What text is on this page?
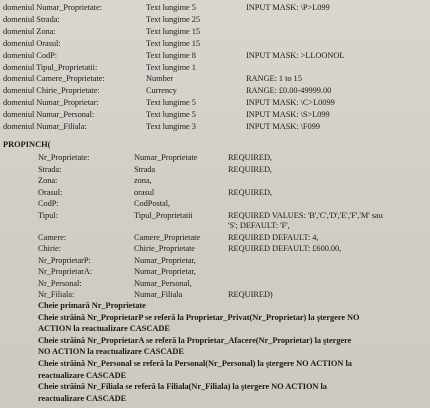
domeniul Numar_Proprietate:	Text lungime 5	INPUT MASK: \P>L099
domeniul Strada:	Text lungime 25
domeniul Zona:	Text lungime 15
domeniul Orasul:	Text lungime 15
domeniul CodP:	Text lungime 8	INPUT MASK: >LLOONOL
domeniul Tipul_Proprietatii:	Text lungime 1
domeniul Camere_Proprietate:	Number	RANGE: 1 to 15
domeniul Chirie_Proprietate:	Currency	RANGE: £0.00-49999.00
domeniul Numar_Proprietar:	Text lungime 5	INPUT MASK: \C>L0099
domeniul Numar_Personal:	Text lungime 5	INPUT MASK: \S>L099
domeniul Numar_Filiala:	Text lungime 3	INPUT MASK: \F099
PROPINCH(
Nr_Proprietate:	Numar_Proprietate	REQUIRED,
Strada:	Strada	REQUIRED,
Zona:	zona,
Orasul:	orasul	REQUIRED,
CodP:	CodPostal,
Tipul:	Tipul_Proprietatii	REQUIRED VALUES: 'B','C','D','E','F','M' sau
'S'; DEFAULT: 'F',
Camere:	Camere_Proprietate	REQUIRED DEFAULT: 4,
Chirie:	Chirie_Proprietate	REQUIRED DEFAULT: £600.00,
Nr_ProprietarP:	Numar_Proprietar,
Nr_ProprietarA:	Numar_Proprietar,
Nr_Personal:	Numar_Personal,
Nr_Filiala:	Numar_Filiala	REQUIRED)
Cheie primară Nr_Proprietate
Cheie străină Nr_ProprietarP se referă la Proprietar_Privat(Nr_Proprietar) la ştergere NO
ACTION la reactualizare CASCADE
Cheie străină Nr_ProprietarA se referă la Proprietar_Afacere(Nr_Proprietar) la ştergere
NO ACTION la reactualizare CASCADE
Cheie străină Nr_Personal se referă la Personal(Nr_Personal) la ştergere NO ACTION la
reactualizare CASCADE
Cheie străină Nr_Filiala se referă la Filiala(Nr_Filiala) la ştergere NO ACTION la
reactualizare CASCADE
